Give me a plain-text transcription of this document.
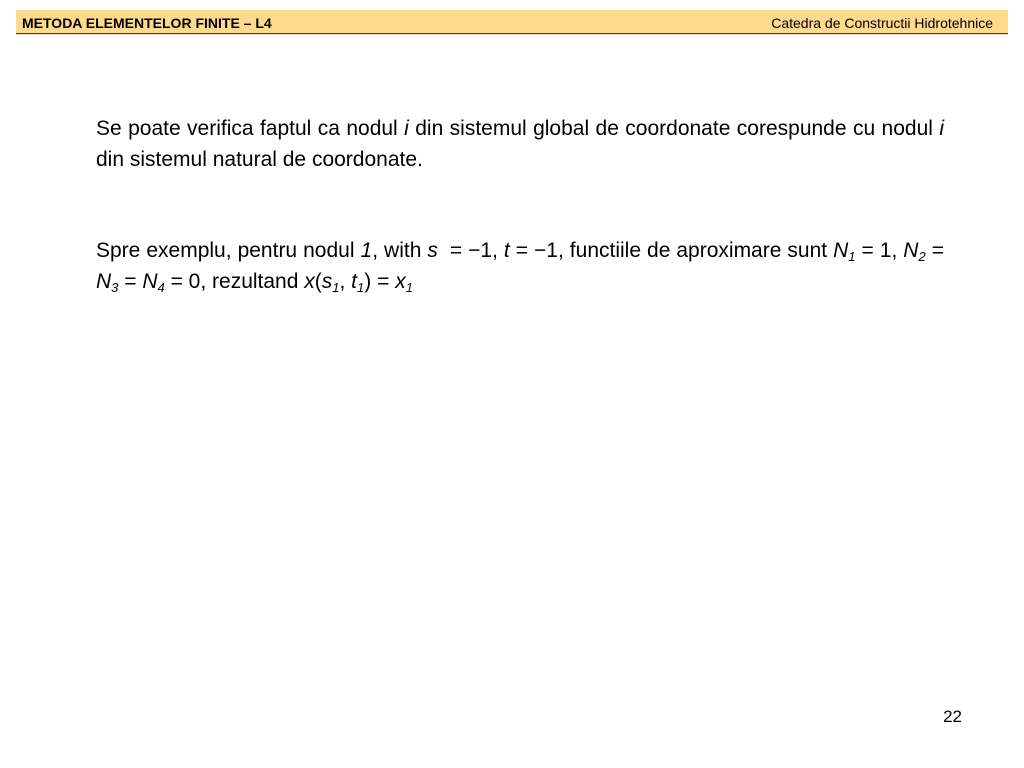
METODA ELEMENTELOR FINITE – L4	Catedra de Constructii Hidrotehnice

Se poate verifica faptul ca nodul i din sistemul global de coordonate corespunde cu nodul i din sistemul natural de coordonate.

Spre exemplu, pentru nodul 1, with s  = −1, t = −1, functiile de aproximare sunt $N_1 = 1$, $N_2 = N_3 = N_4 = 0$, rezultand $x(s_1$, $t_1) = x_1$

22
